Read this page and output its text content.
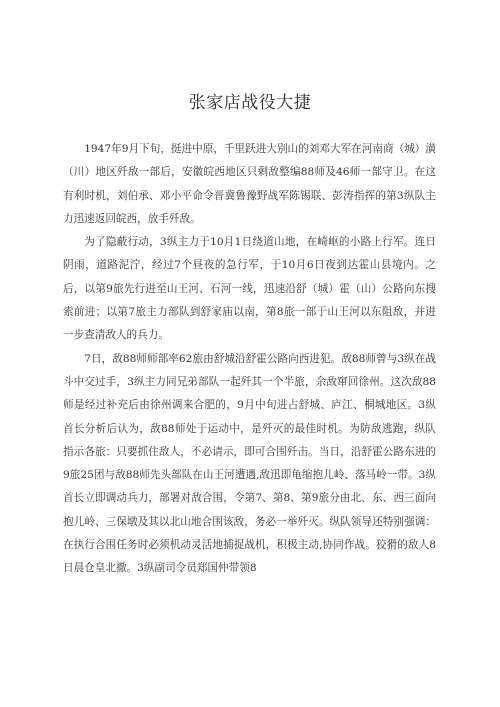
张家店战役大捷

1947年9月下旬，挺进中原，千里跃进大别山的刘邓大军在河南商（城）潢（川）地区歼敌一部后，安徽皖西地区只剩敌整编88师及46师一部守卫。在这有利时机，刘伯承、邓小平命令晋冀鲁豫野战军陈锡联、彭涛指挥的第3纵队主力迅速返回皖西，放手歼敌。

为了隐蔽行动，3纵主力于10月1日绕道山地，在崎岖的小路上行军。连日阴雨，道路泥泞，经过7个昼夜的急行军，于10月6日夜到达霍山县境内。之后，以第9旅先行进至山王河、石河一线，迅速沿舒（城）霍（山）公路向东搜索前进；以第7旅主力部队到舒家庙以南，第8旅一部于山王河以东阻敌，并进一步查清敌人的兵力。

7日，敌88师师部率62旅由舒城沿舒霍公路向西进犯。敌88师曾与3纵在战斗中交过手，3纵主力同兄弟部队一起歼其一个半旅，余敌窜回徐州。这次敌88师是经过补充后由徐州调来合肥的，9月中旬进占舒城、庐江、桐城地区。3纵首长分析后认为，敌88师处于运动中，是歼灭的最佳时机。为防敌逃跑，纵队指示各旅：只要抓住敌人，不必请示，即可合围歼击。当日，沿舒霍公路东进的9旅25团与敌88师先头部队在山王河遭遇,敌迅即龟缩抱儿岭、落马岭一带。3纵首长立即调动兵力，部署对敌合围，令第7、第8、第9旅分由北、东、西三面向抱儿岭、三保墩及其以北山地合围该敌，务必一举歼灭。纵队领导还特别强调：在执行合围任务时必须机动灵活地捕捉战机，积极主动,协同作战。狡猾的敌人8日晨仓皇北撤。3纵副司令员郑国仲带领8
